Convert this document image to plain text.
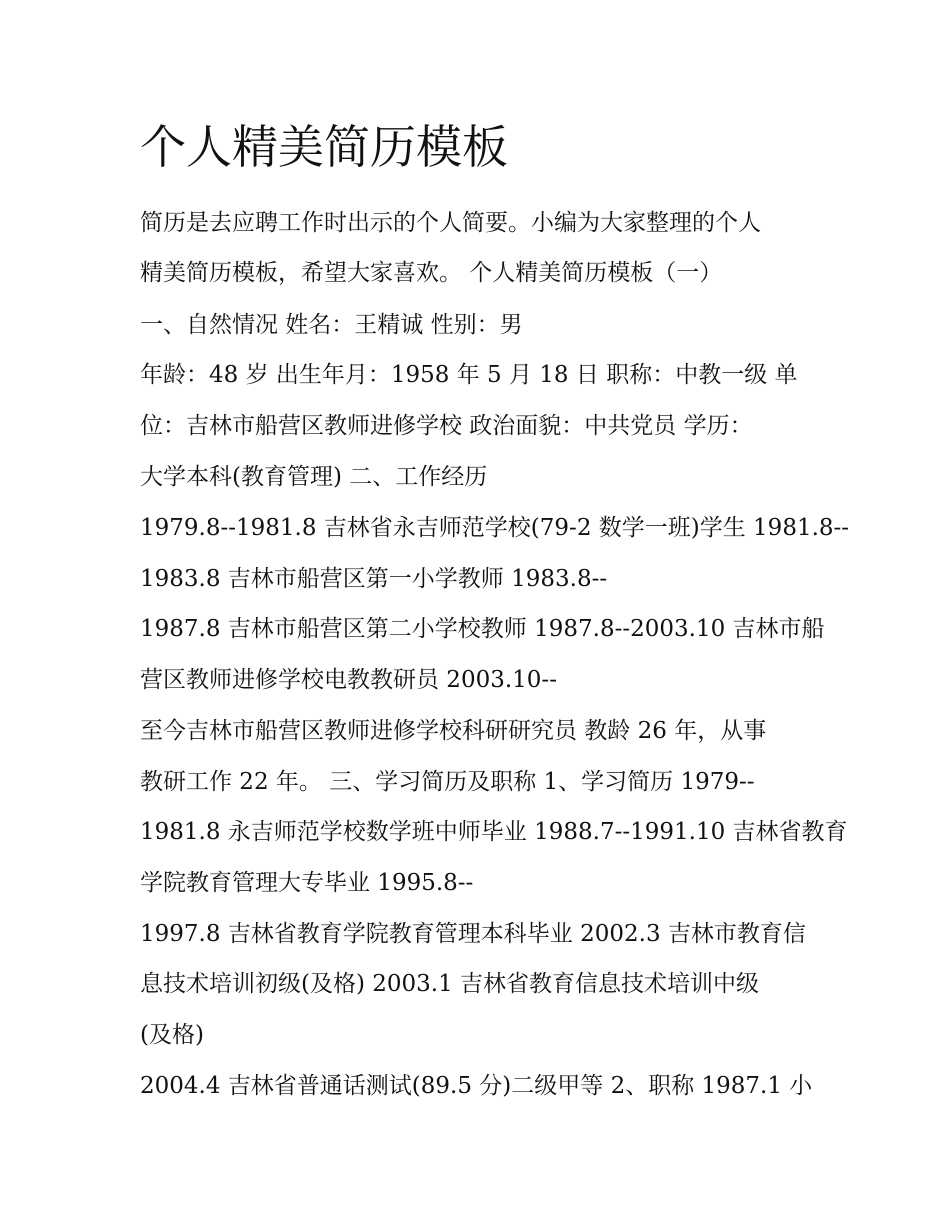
个人精美简历模板

简历是去应聘工作时出示的个人简要。小编为大家整理的个人

精美简历模板，希望大家喜欢。 个人精美简历模板（一）

一、自然情况 姓名：王精诚 性别：男

年龄：48 岁 出生年月：1958 年 5 月 18 日 职称：中教一级 单

位：吉林市船营区教师进修学校 政治面貌：中共党员 学历：

大学本科(教育管理) 二、工作经历

1979.8--1981.8 吉林省永吉师范学校(79-2 数学一班)学生 1981.8--

1983.8 吉林市船营区第一小学教师 1983.8--

1987.8 吉林市船营区第二小学校教师 1987.8--2003.10 吉林市船

营区教师进修学校电教教研员 2003.10--

至今吉林市船营区教师进修学校科研研究员 教龄 26 年，从事

教研工作 22 年。 三、学习简历及职称 1、学习简历 1979--

1981.8 永吉师范学校数学班中师毕业 1988.7--1991.10 吉林省教育

学院教育管理大专毕业 1995.8--

1997.8 吉林省教育学院教育管理本科毕业 2002.3 吉林市教育信

息技术培训初级(及格) 2003.1 吉林省教育信息技术培训中级

(及格)

2004.4 吉林省普通话测试(89.5 分)二级甲等 2、职称 1987.1 小
